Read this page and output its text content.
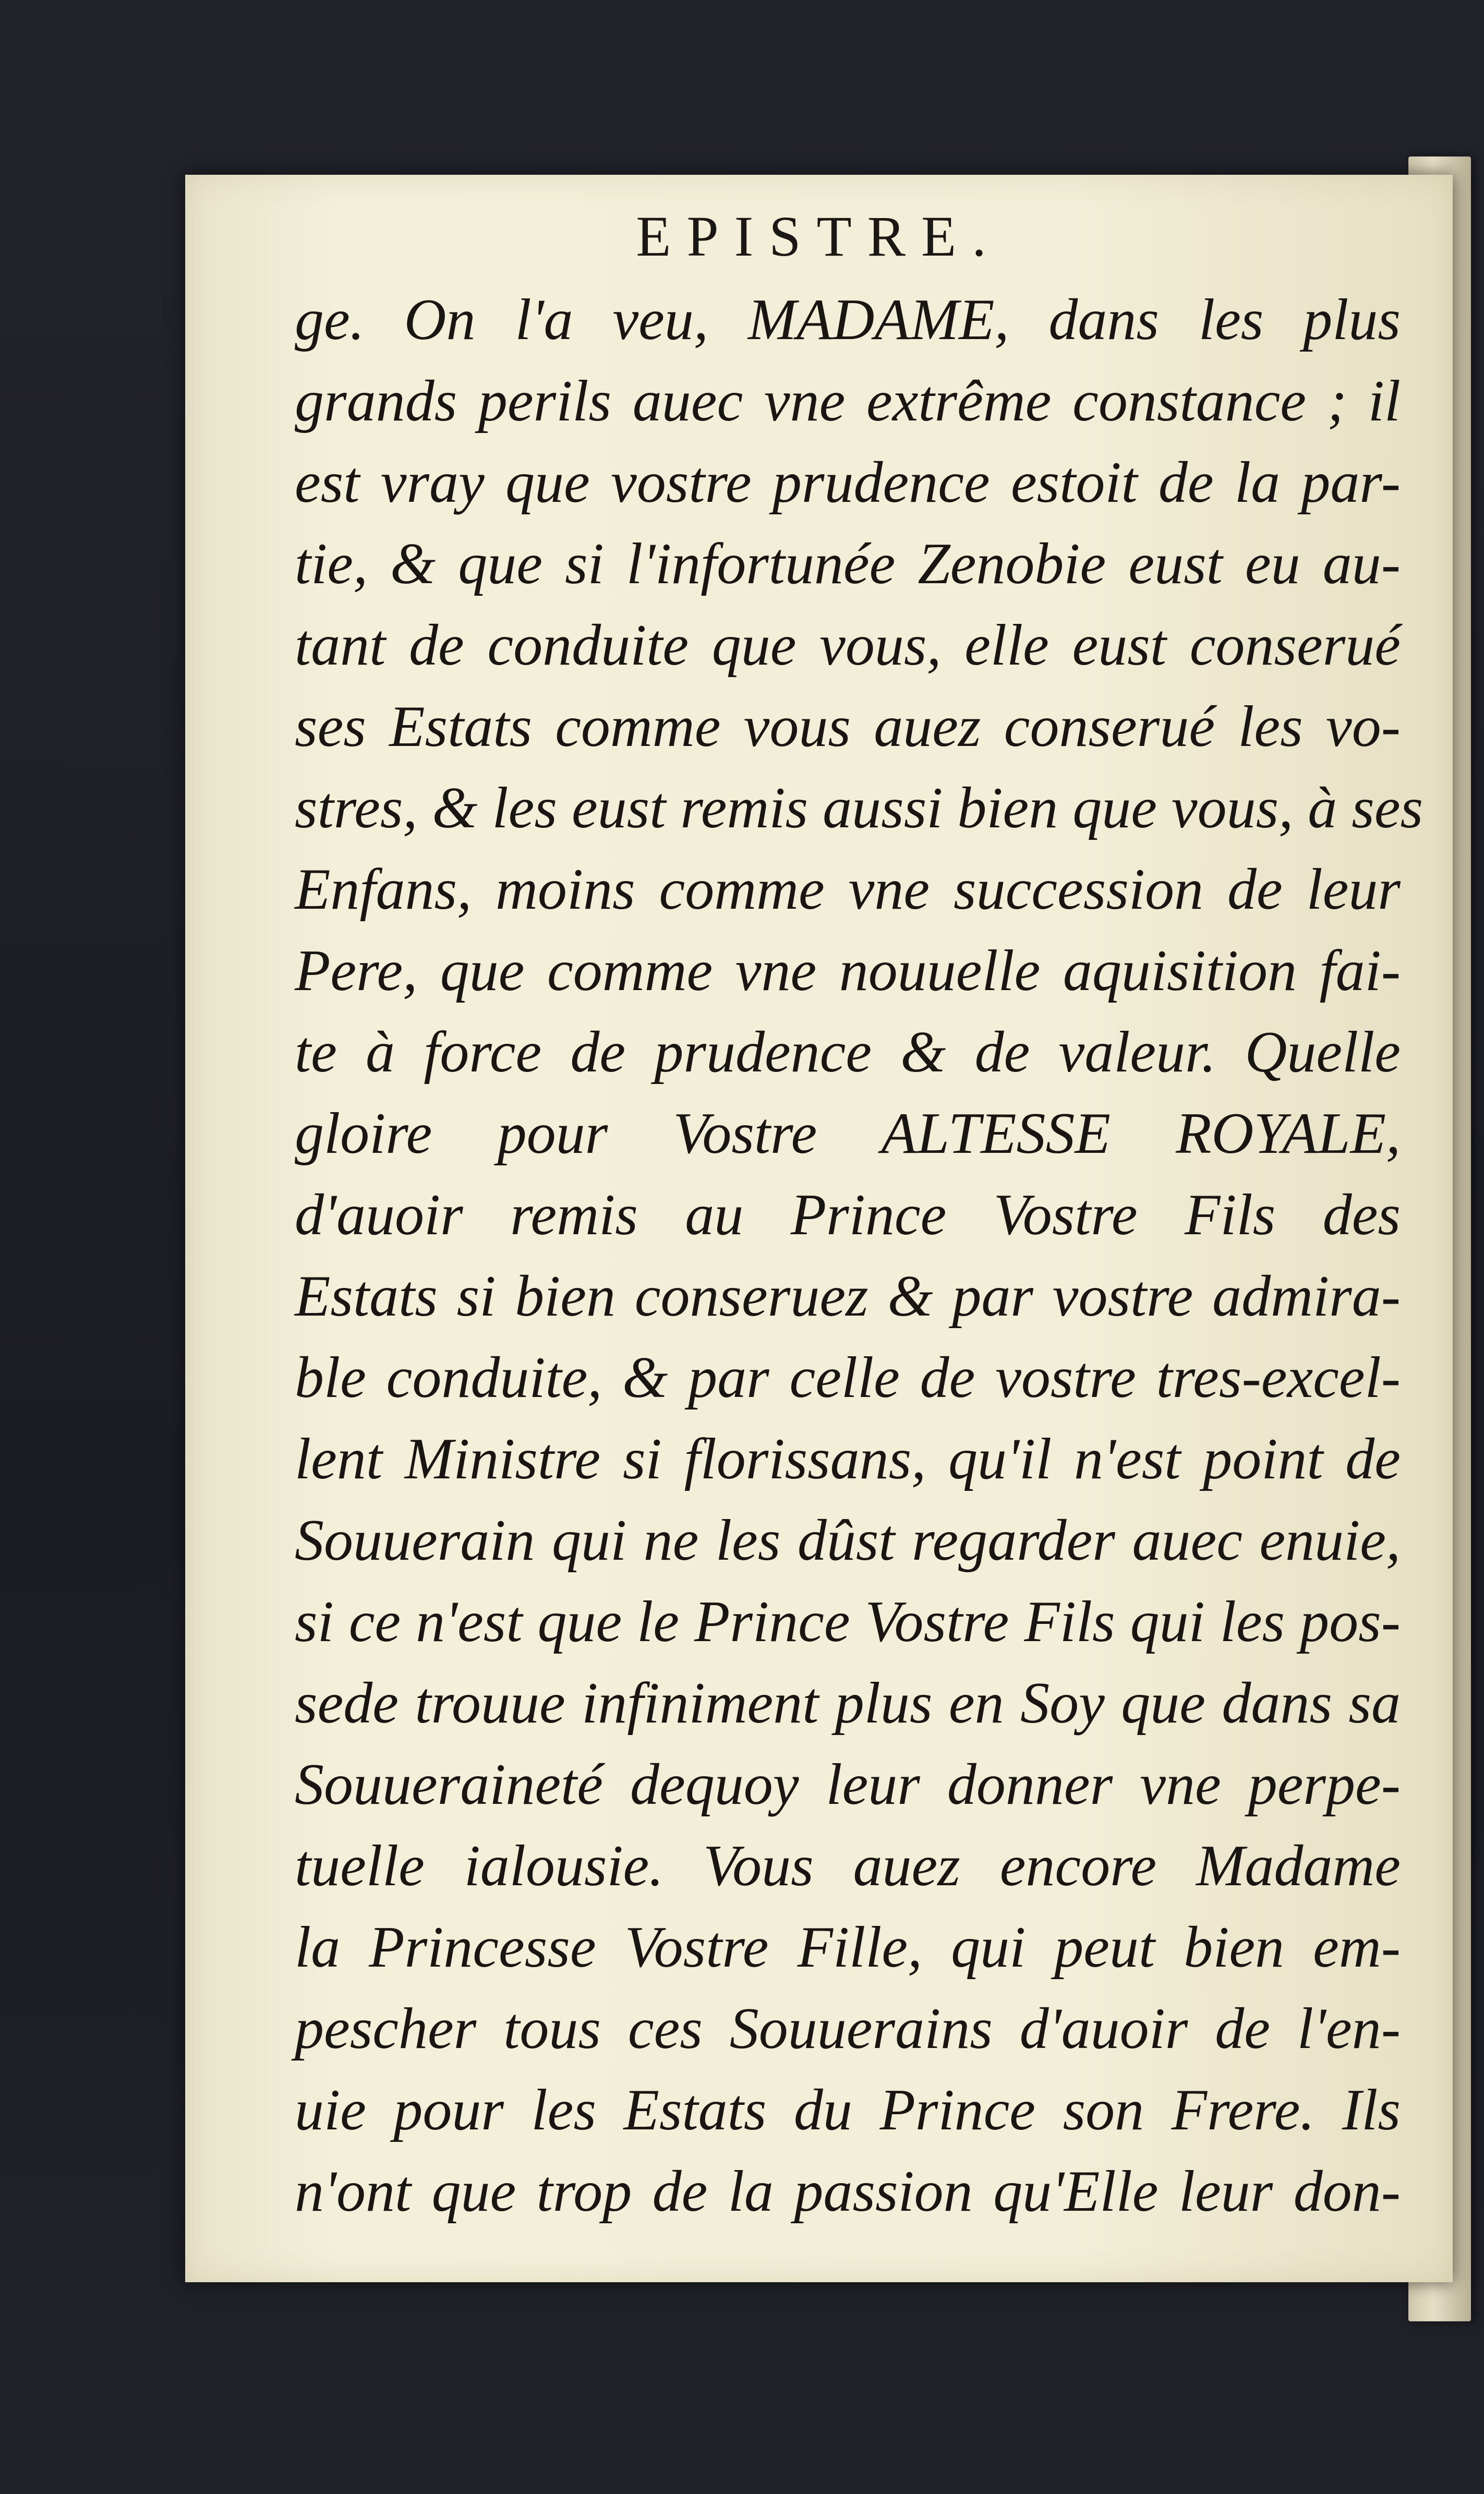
EPISTRE.
ge. On l'a veu, MADAME, dans les plus
grands perils auec vne extrême constance ; il
est vray que vostre prudence estoit de la par-
tie, & que si l'infortunée Zenobie eust eu au-
tant de conduite que vous, elle eust conserué
ses Estats comme vous auez conserué les vo-
stres, & les eust remis aussi bien que vous, à ses
Enfans, moins comme vne succession de leur
Pere, que comme vne nouuelle aquisition fai-
te à force de prudence & de valeur. Quelle
gloire pour Vostre ALTESSE ROYALE,
d'auoir remis au Prince Vostre Fils des
Estats si bien conseruez & par vostre admira-
ble conduite, & par celle de vostre tres-excel-
lent Ministre si florissans, qu'il n'est point de
Souuerain qui ne les dûst regarder auec enuie,
si ce n'est que le Prince Vostre Fils qui les pos-
sede trouue infiniment plus en Soy que dans sa
Souueraineté dequoy leur donner vne perpe-
tuelle ialousie. Vous auez encore Madame
la Princesse Vostre Fille, qui peut bien em-
pescher tous ces Souuerains d'auoir de l'en-
uie pour les Estats du Prince son Frere. Ils
n'ont que trop de la passion qu'Elle leur don-
